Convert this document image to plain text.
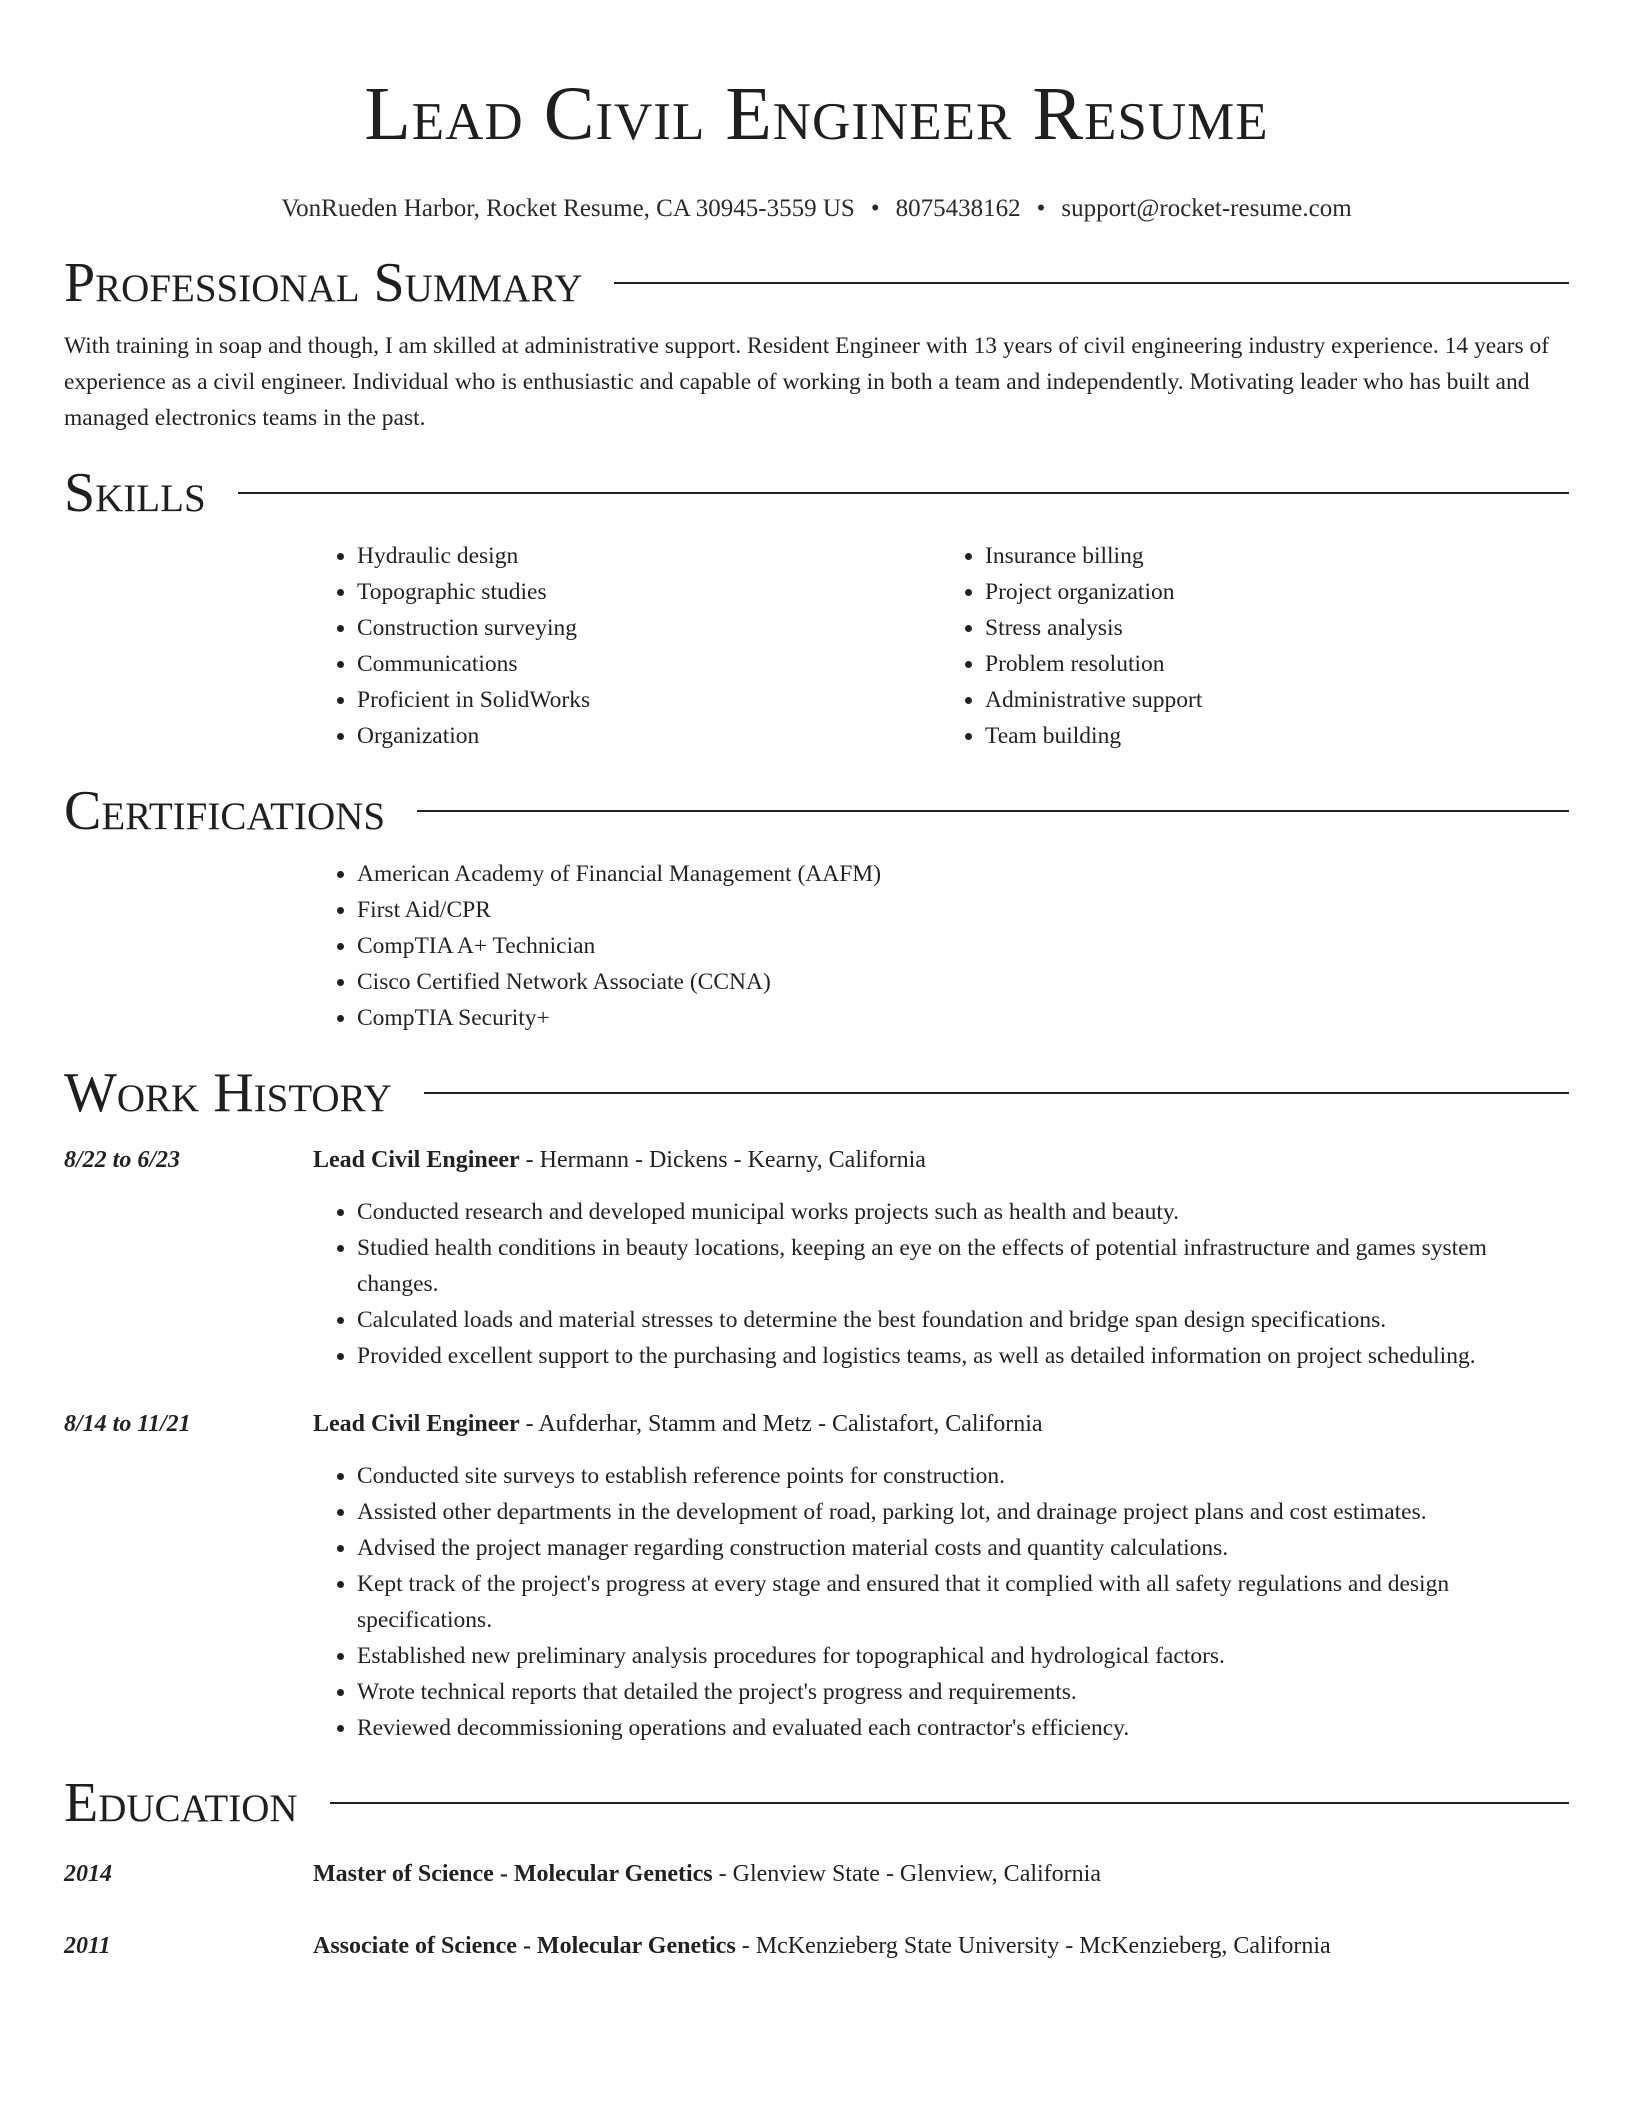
Lead Civil Engineer Resume
VonRueden Harbor, Rocket Resume, CA 30945-3559 US • 8075438162 • support@rocket-resume.com
Professional Summary

With training in soap and though, I am skilled at administrative support. Resident Engineer with 13 years of civil engineering industry experience. 14 years of experience as a civil engineer. Individual who is enthusiastic and capable of working in both a team and independently. Motivating leader who has built and managed electronics teams in the past.

Skills
• Hydraulic design
• Topographic studies
• Construction surveying
• Communications
• Proficient in SolidWorks
• Organization
• Insurance billing
• Project organization
• Stress analysis
• Problem resolution
• Administrative support
• Team building
Certifications
• American Academy of Financial Management (AAFM)
• First Aid/CPR
• CompTIA A+ Technician
• Cisco Certified Network Associate (CCNA)
• CompTIA Security+
Work History
8/22 to 6/23	Lead Civil Engineer - Hermann - Dickens - Kearny, California
• Conducted research and developed municipal works projects such as health and beauty.
• Studied health conditions in beauty locations, keeping an eye on the effects of potential infrastructure and games system changes.
• Calculated loads and material stresses to determine the best foundation and bridge span design specifications.
• Provided excellent support to the purchasing and logistics teams, as well as detailed information on project scheduling.
8/14 to 11/21	Lead Civil Engineer - Aufderhar, Stamm and Metz - Calistafort, California
• Conducted site surveys to establish reference points for construction.
• Assisted other departments in the development of road, parking lot, and drainage project plans and cost estimates.
• Advised the project manager regarding construction material costs and quantity calculations.
• Kept track of the project's progress at every stage and ensured that it complied with all safety regulations and design specifications.
• Established new preliminary analysis procedures for topographical and hydrological factors.
• Wrote technical reports that detailed the project's progress and requirements.
• Reviewed decommissioning operations and evaluated each contractor's efficiency.
Education
2014	Master of Science - Molecular Genetics - Glenview State - Glenview, California
2011	Associate of Science - Molecular Genetics - McKenzieberg State University - McKenzieberg, California
